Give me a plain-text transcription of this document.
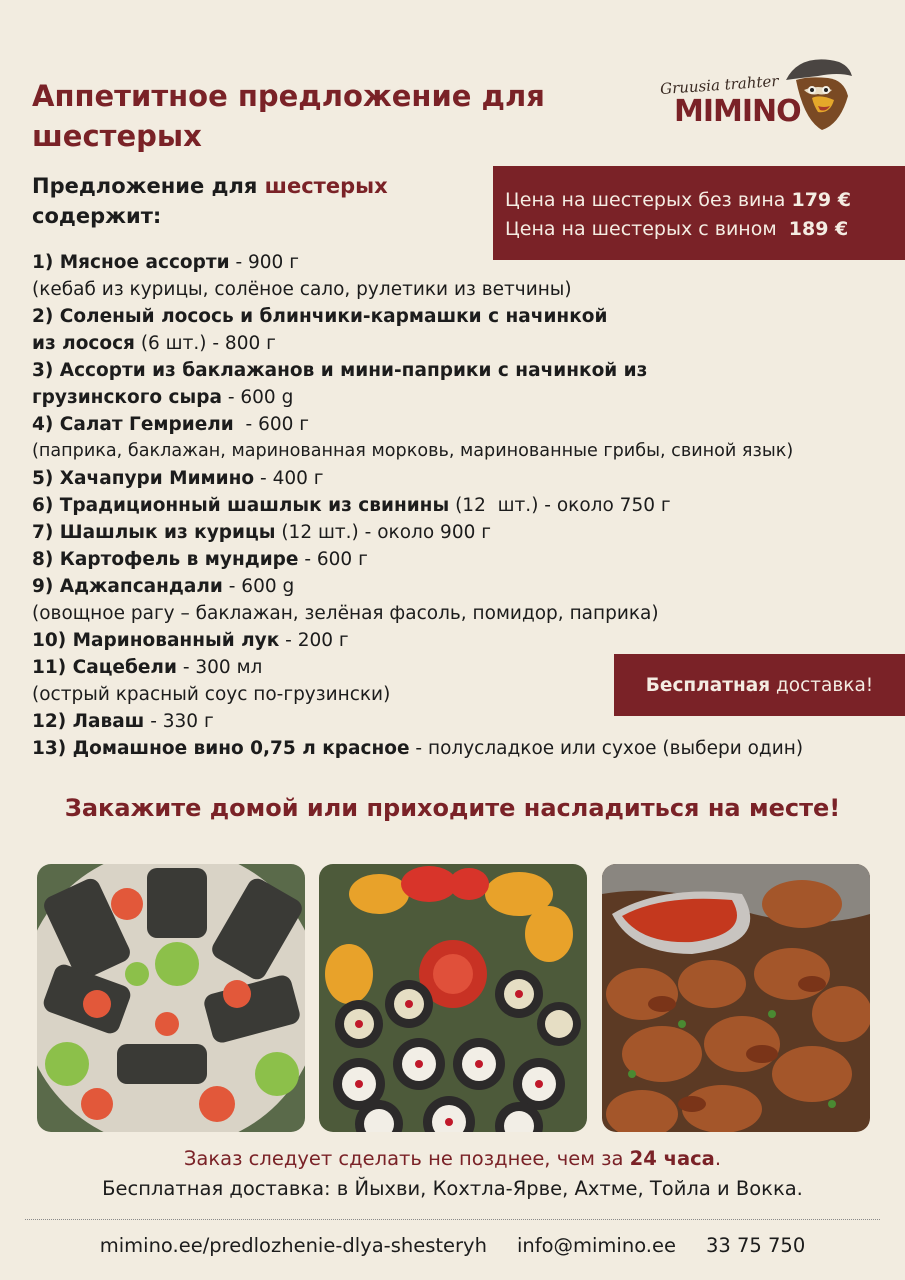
Аппетитное предложение для шестерых
Gruusia trahter
MIMINO
Предложение для шестерых
содержит:
Цена на шестерых без вина 179 €
Цена на шестерых с вином  189 €
1) Мясное ассорти - 900 г
(кебаб из курицы, солёное сало, рулетики из ветчины)
2) Соленый лосось и блинчики-кармашки с начинкой
из лосося (6 шт.) - 800 г
3) Ассорти из баклажанов и мини-паприки с начинкой из
грузинского сыра - 600 g
4) Салат Гемриели  - 600 г
(паприка, баклажан, маринованная морковь, маринованные грибы, свиной язык)
5) Хачапури Мимино - 400 г
6) Традиционный шашлык из свинины (12  шт.) - около 750 г
7) Шашлык из курицы (12 шт.) - около 900 г
8) Картофель в мундире - 600 г
9) Аджапсандали - 600 g
(овощное рагу – баклажан, зелёная фасоль, помидор, паприка)
10) Маринованный лук - 200 г
11) Сацебели - 300 мл
(острый красный соус по-грузински)
12) Лаваш - 330 г
13) Домашное вино 0,75 л красное - полусладкое или сухое (выбери один)
Бесплатная доставка!

Закажите домой или приходите насладиться на месте!

Заказ следует сделать не позднее, чем за 24 часа.

Бесплатная доставка: в Йыхви, Кохтла-Ярве, Ахтме, Тойла и Вокка.

mimino.ee/predlozhenie-dlya-shesteryh info@mimino.ee 33 75 750
